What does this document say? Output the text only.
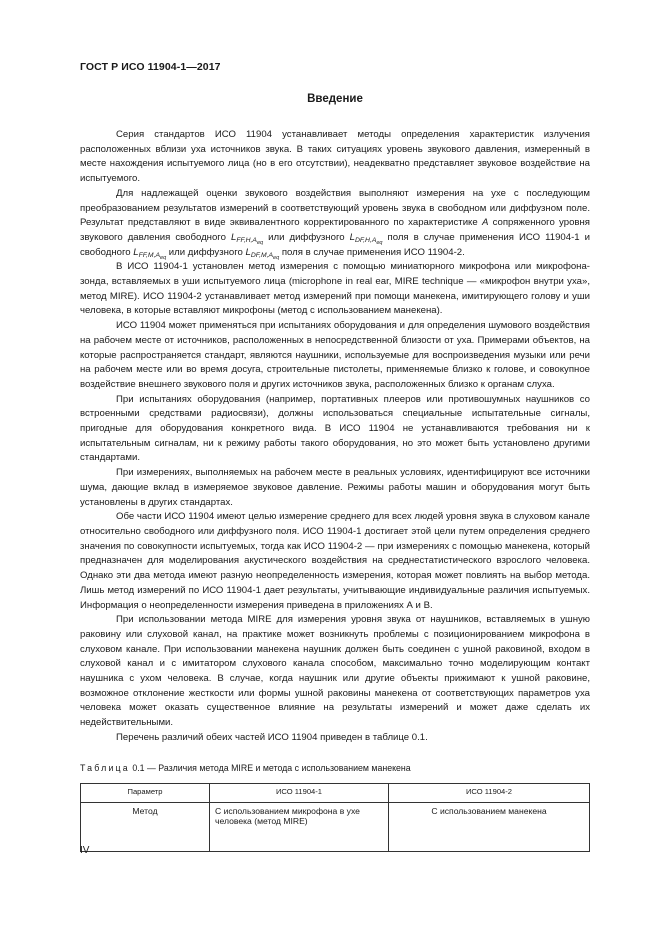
ГОСТ Р ИСО 11904-1—2017
Введение

Серия стандартов ИСО 11904 устанавливает методы определения характеристик излучения расположенных вблизи уха источников звука. В таких ситуациях уровень звукового давления, измеренный в месте нахождения испытуемого лица (но в его отсутствии), неадекватно представляет звуковое воздействие на испытуемого.

Для надлежащей оценки звукового воздействия выполняют измерения на ухе с последующим преобразованием результатов измерений в соответствующий уровень звука в свободном или диффузном поле. Результат представляют в виде эквивалентного корректированного по характеристике A сопряженного уровня звукового давления свободного $L_{FF,H,A_{eq}}$ или диффузного $L_{DF,H,A_{eq}}$ поля в случае применения ИСО 11904-1 и свободного $L_{FF,M,A_{eq}}$ или диффузного $L_{DF,M,A_{eq}}$ поля в случае применения ИСО 11904-2.

В ИСО 11904-1 установлен метод измерения с помощью миниатюрного микрофона или микрофона-зонда, вставляемых в уши испытуемого лица (microphone in real ear, MIRE technique — «микрофон внутри уха», метод MIRE). ИСО 11904-2 устанавливает метод измерений при помощи манекена, имитирующего голову и уши человека, в которые вставляют микрофоны (метод с использованием манекена).

ИСО 11904 может применяться при испытаниях оборудования и для определения шумового воздействия на рабочем месте от источников, расположенных в непосредственной близости от уха. Примерами объектов, на которые распространяется стандарт, являются наушники, используемые для воспроизведения музыки или речи на рабочем месте или во время досуга, строительные пистолеты, применяемые близко к голове, и совокупное воздействие внешнего звукового поля и других источников звука, расположенных близко к органам слуха.

При испытаниях оборудования (например, портативных плееров или противошумных наушников со встроенными средствами радиосвязи), должны использоваться специальные испытательные сигналы, пригодные для оборудования конкретного вида. В ИСО 11904 не устанавливаются требования ни к испытательным сигналам, ни к режиму работы такого оборудования, но это может быть установлено другими стандартами.

При измерениях, выполняемых на рабочем месте в реальных условиях, идентифицируют все источники шума, дающие вклад в измеряемое звуковое давление. Режимы работы машин и оборудования могут быть установлены в других стандартах.

Обе части ИСО 11904 имеют целью измерение среднего для всех людей уровня звука в слуховом канале относительно свободного или диффузного поля. ИСО 11904-1 достигает этой цели путем определения среднего значения по совокупности испытуемых, тогда как ИСО 11904-2 — при измерениях с помощью манекена, который предназначен для моделирования акустического воздействия на среднестатистического взрослого человека. Однако эти два метода имеют разную неопределенность измерения, которая может повлиять на выбор метода. Лишь метод измерений по ИСО 11904-1 дает результаты, учитывающие индивидуальные различия испытуемых. Информация о неопределенности измерения приведена в приложениях А и В.

При использовании метода MIRE для измерения уровня звука от наушников, вставляемых в ушную раковину или слуховой канал, на практике может возникнуть проблемы с позиционированием микрофона в слуховом канале. При использовании манекена наушник должен быть соединен с ушной раковиной, входом в слуховой канал и с имитатором слухового канала способом, максимально точно моделирующим контакт наушника с ухом человека. В случае, когда наушник или другие объекты прижимают к ушной раковине, возможное отклонение жесткости или формы ушной раковины манекена от соответствующих параметров уха человека может оказать существенное влияние на результаты измерений и может даже сделать их недействительными.

Перечень различий обеих частей ИСО 11904 приведен в таблице 0.1.

Таблица 0.1 — Различия метода MIRE и метода с использованием манекена
Параметр	ИСО 11904-1	ИСО 11904-2
Метод	С использованием микрофона в ухе человека (метод MIRE)	С использованием манекена
IV
